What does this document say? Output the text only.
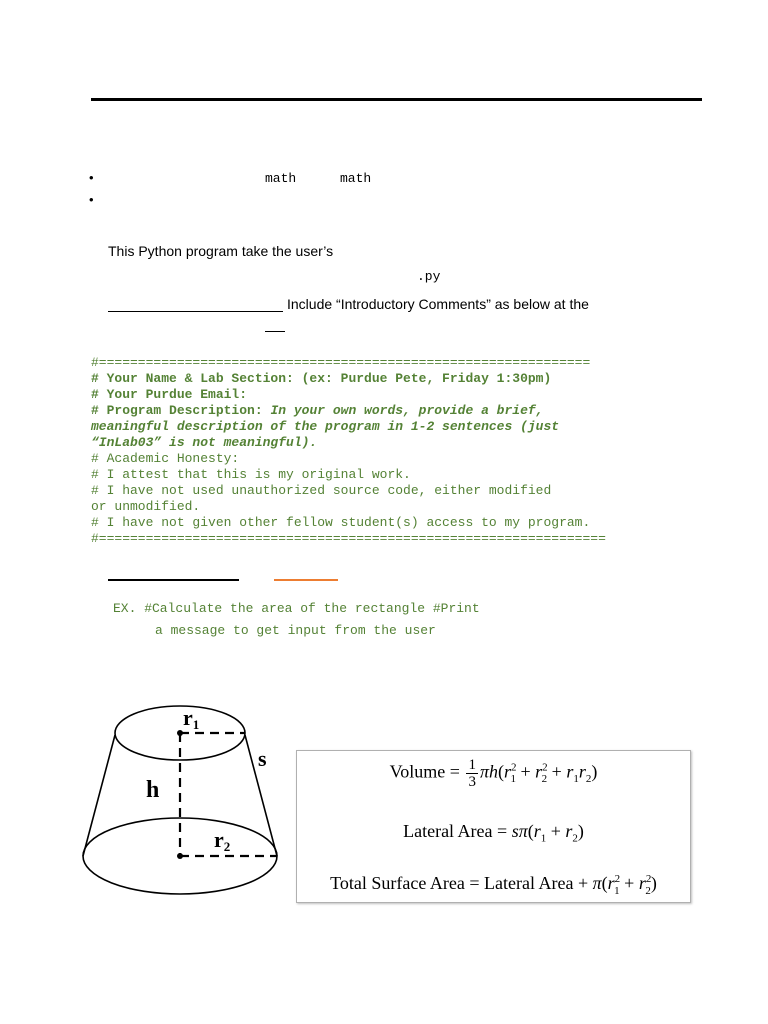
•
•
math	math
This Python program take the user’s
.py
Include “Introductory Comments” as below at the
#===============================================================
# Your Name & Lab Section: (ex: Purdue Pete, Friday 1:30pm)
# Your Purdue Email:
# Program Description: In your own words, provide a brief,
meaningful description of the program in 1-2 sentences (just
“InLab03” is not meaningful).
# Academic Honesty:
# I attest that this is my original work.
# I have not used unauthorized source code, either modified
or unmodified.
# I have not given other fellow student(s) access to my program.
#=================================================================
EX. #Calculate the area of the rectangle #Print
a message to get input from the user
r1
s
h
r2
Volume = $\frac{1}{3} \pi h(r^2_1 + r^2_2 + r_1r_2)$
Lateral Area = $s\pi(r_1 + r_2)$
Total Surface Area = Lateral Area + $\pi(r^2_1 + r^2_2)$
